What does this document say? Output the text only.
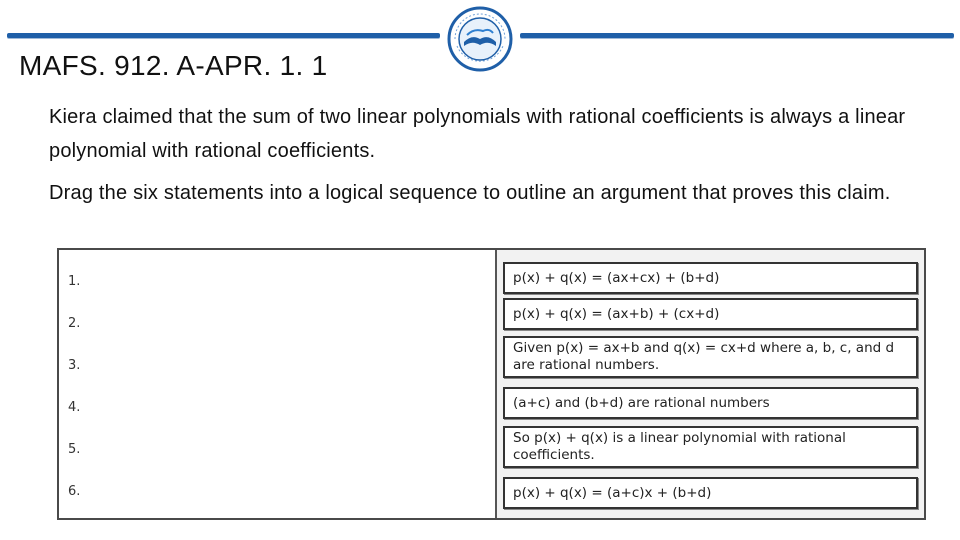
MAFS. 912. A-APR. 1. 1
Kiera claimed that the sum of two linear polynomials with rational coefficients is always a linear polynomial with rational coefficients.
Drag the six statements into a logical sequence to outline an argument that proves this claim.
1.
2.
3.
4.
5.
6.
p(x) + q(x) = (ax+cx) + (b+d)
p(x) + q(x) = (ax+b) + (cx+d)
Given p(x) = ax+b and q(x) = cx+d where a, b, c, and d are rational numbers.
(a+c) and (b+d) are rational numbers
So p(x) + q(x) is a linear polynomial with rational coefficients.
p(x) + q(x) = (a+c)x + (b+d)
